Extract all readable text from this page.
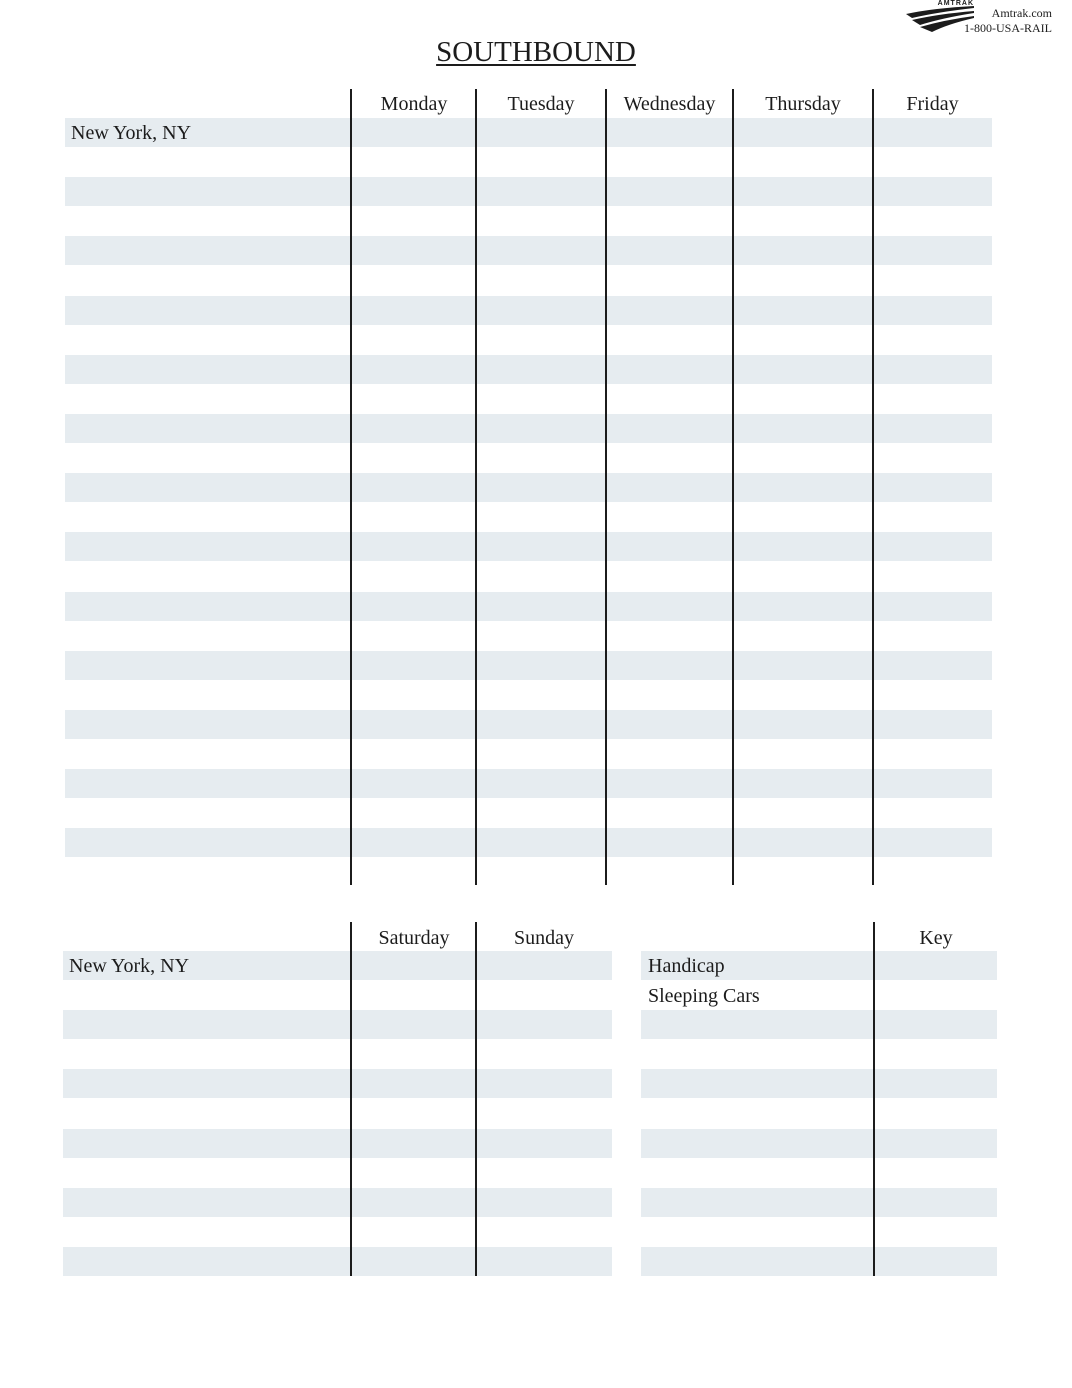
AMTRAK
Amtrak.com
1-800-USA-RAIL
SOUTHBOUND
Monday	Tuesday	Wednesday	Thursday	Friday
New York, NY
Saturday	Sunday
New York, NY
Key
Handicap
Sleeping Cars
